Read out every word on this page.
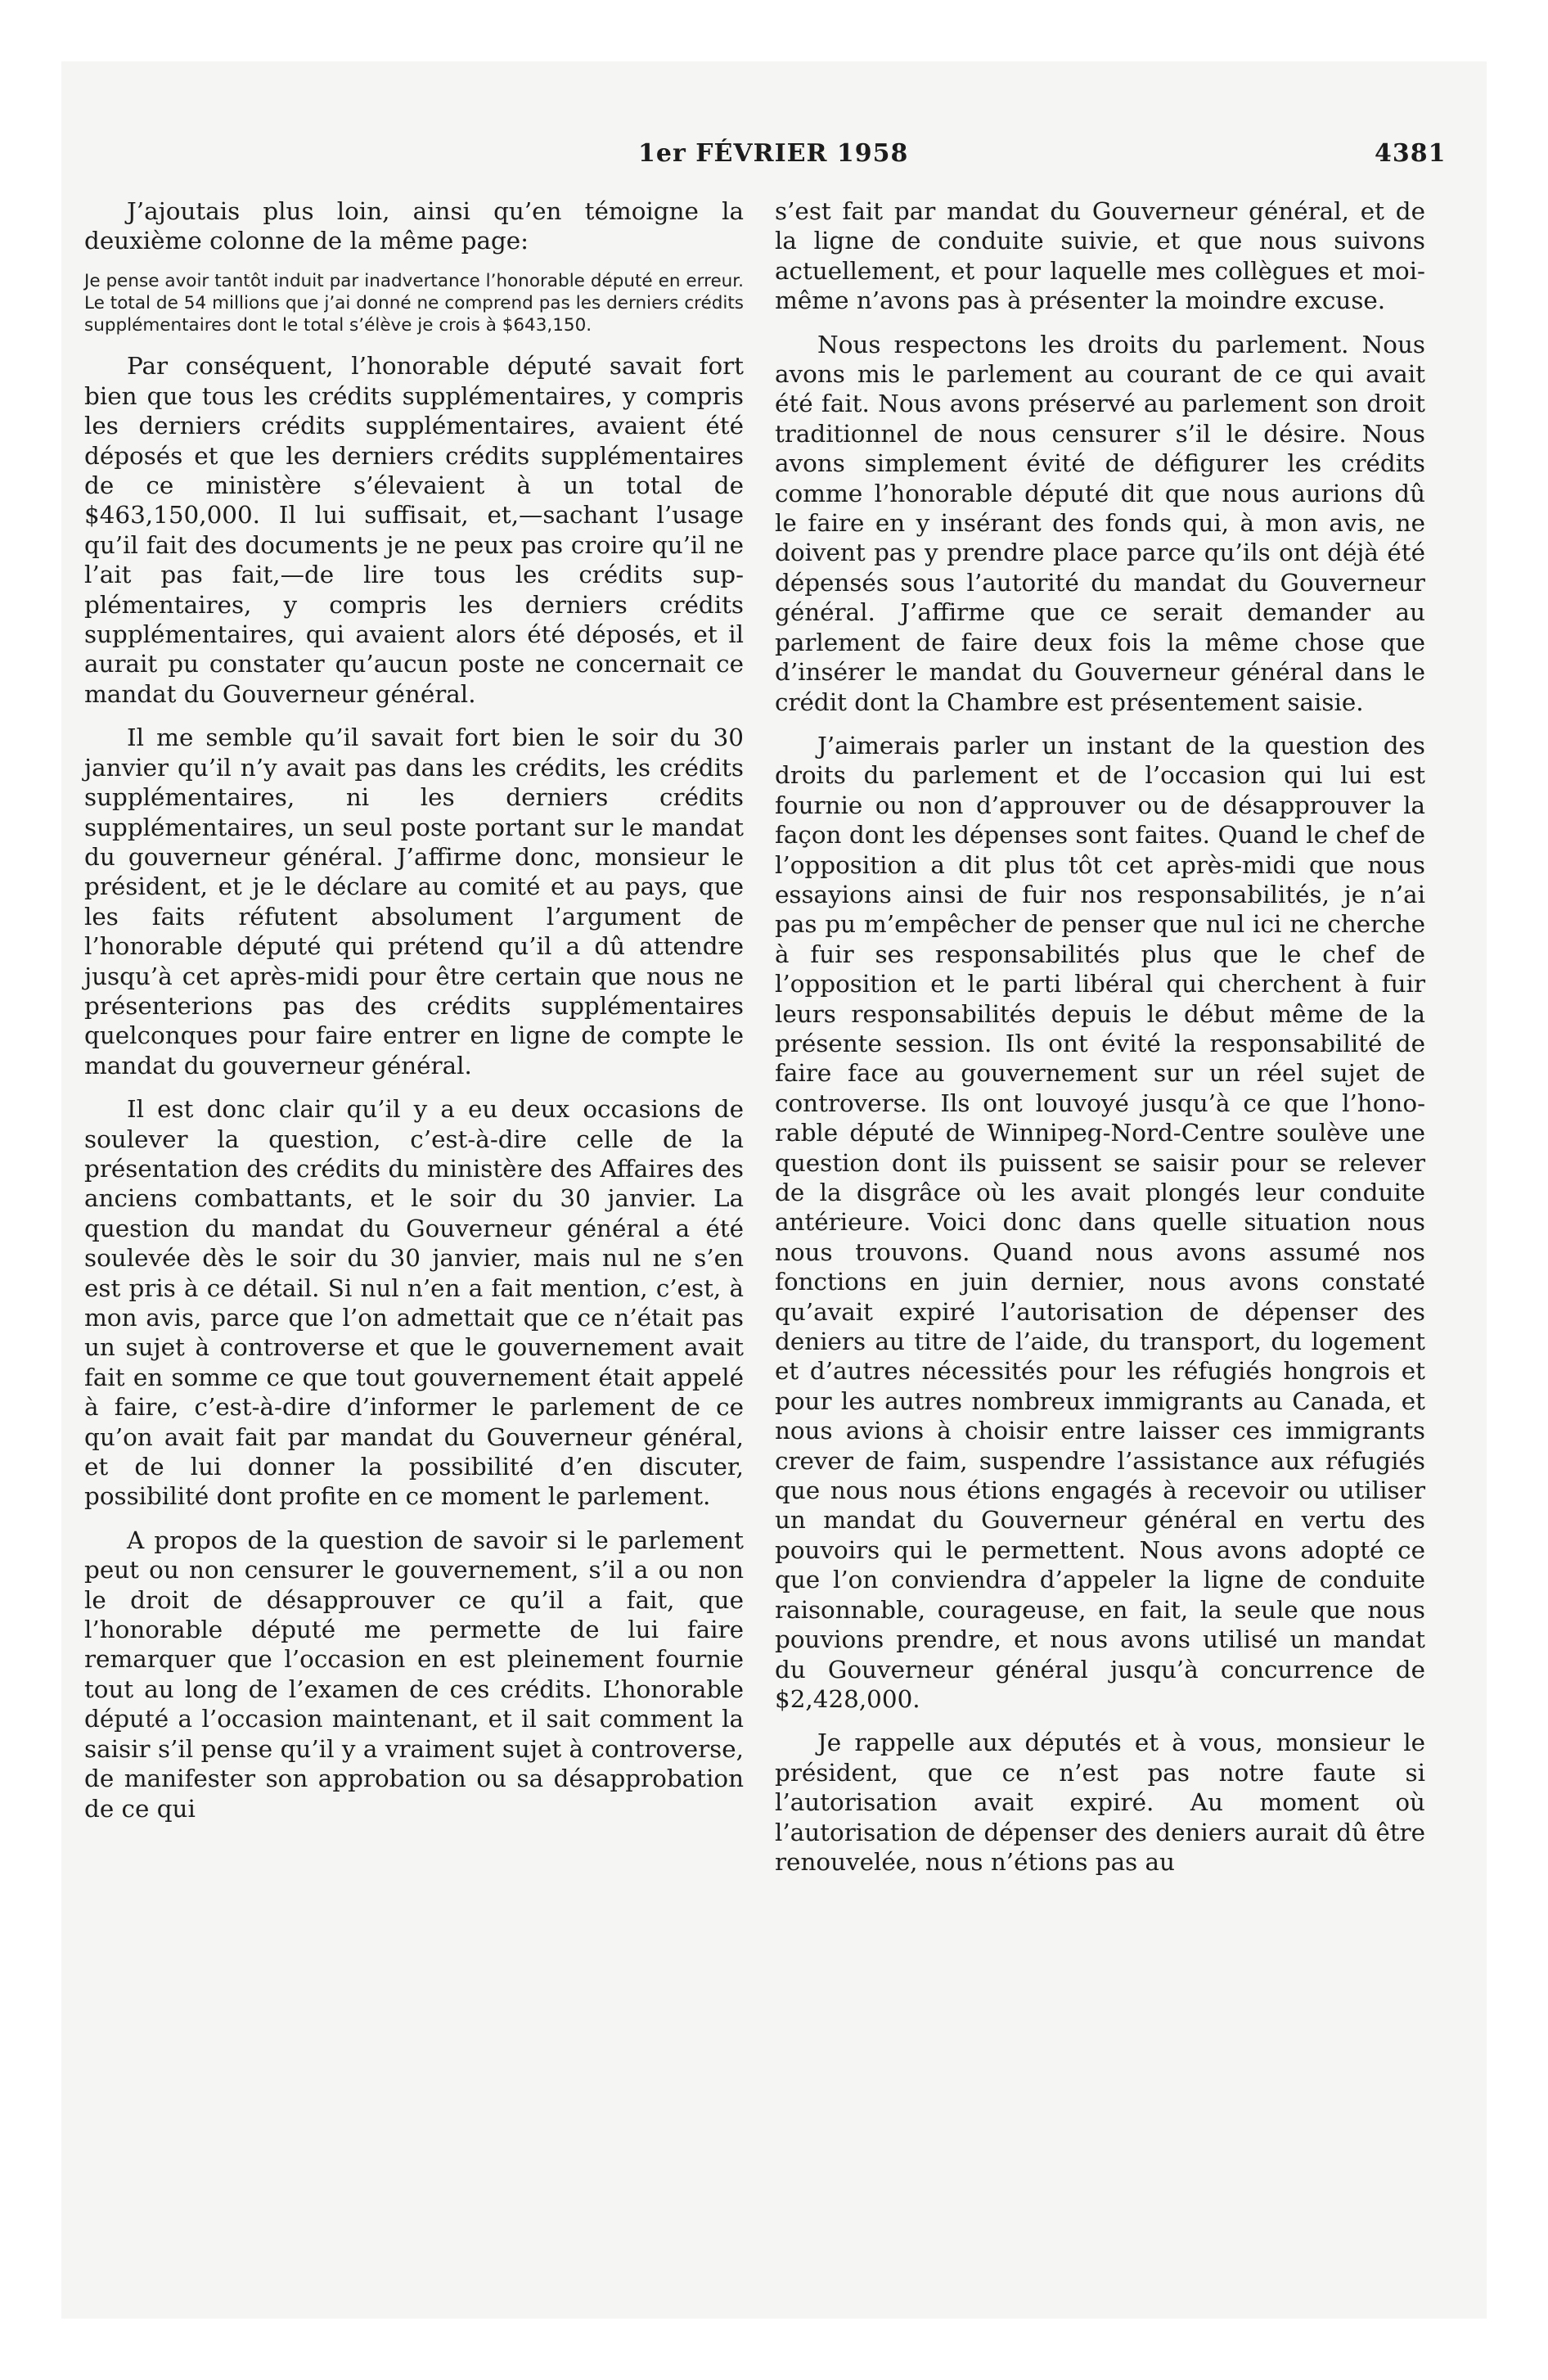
1er FÉVRIER 1958	4381

J’ajoutais plus loin, ainsi qu’en témoigne la deuxième colonne de la même page:

Je pense avoir tantôt induit par inadvertance l’honorable député en erreur. Le total de 54 millions que j’ai donné ne comprend pas les derniers crédits supplémentaires dont le total s’élève je crois à $643,150.

Par conséquent, l’honorable député savait fort bien que tous les crédits supplémentaires, y compris les derniers crédits supplémentaires, avaient été déposés et que les derniers crédits supplémentaires de ce ministère s’élevaient à un total de $463,150,000. Il lui suffisait, et,—sachant l’usage qu’il fait des documents je ne peux pas croire qu’il ne l’ait pas fait,—de lire tous les crédits supplémentaires, y compris les derniers crédits supplémentaires, qui avaient alors été déposés, et il aurait pu constater qu’aucun poste ne concernait ce mandat du Gouverneur général.

Il me semble qu’il savait fort bien le soir du 30 janvier qu’il n’y avait pas dans les crédits, les crédits supplémentaires, ni les derniers crédits supplémentaires, un seul poste portant sur le mandat du gouverneur général. J’affirme donc, monsieur le président, et je le déclare au comité et au pays, que les faits réfutent absolument l’argument de l’honorable député qui prétend qu’il a dû attendre jusqu’à cet après-midi pour être certain que nous ne présenterions pas des crédits supplémentaires quelconques pour faire entrer en ligne de compte le mandat du gouverneur général.

Il est donc clair qu’il y a eu deux occasions de soulever la question, c’est-à-dire celle de la présentation des crédits du ministère des Affaires des anciens combattants, et le soir du 30 janvier. La question du mandat du Gouverneur général a été soulevée dès le soir du 30 janvier, mais nul ne s’en est pris à ce détail. Si nul n’en a fait mention, c’est, à mon avis, parce que l’on admettait que ce n’était pas un sujet à controverse et que le gouvernement avait fait en somme ce que tout gouvernement était appelé à faire, c’est-à-dire d’informer le parlement de ce qu’on avait fait par mandat du Gouverneur général, et de lui donner la possibilité d’en discuter, possibilité dont profite en ce moment le parlement.

A propos de la question de savoir si le parlement peut ou non censurer le gouvernement, s’il a ou non le droit de désapprouver ce qu’il a fait, que l’honorable député me permette de lui faire remarquer que l’occasion en est pleinement fournie tout au long de l’examen de ces crédits. L’honorable député a l’occasion maintenant, et il sait comment la saisir s’il pense qu’il y a vraiment sujet à controverse, de manifester son approbation ou sa désapprobation de ce qui

s’est fait par mandat du Gouverneur général, et de la ligne de conduite suivie, et que nous suivons actuellement, et pour laquelle mes collègues et moi-même n’avons pas à présenter la moindre excuse.

Nous respectons les droits du parlement. Nous avons mis le parlement au courant de ce qui avait été fait. Nous avons préservé au parlement son droit traditionnel de nous censurer s’il le désire. Nous avons simplement évité de défigurer les crédits comme l’honorable député dit que nous aurions dû le faire en y insérant des fonds qui, à mon avis, ne doivent pas y prendre place parce qu’ils ont déjà été dépensés sous l’autorité du mandat du Gouverneur général. J’affirme que ce serait demander au parlement de faire deux fois la même chose que d’insérer le mandat du Gouverneur général dans le crédit dont la Chambre est présentement saisie.

J’aimerais parler un instant de la question des droits du parlement et de l’occasion qui lui est fournie ou non d’approuver ou de désapprouver la façon dont les dépenses sont faites. Quand le chef de l’opposition a dit plus tôt cet après-midi que nous essayions ainsi de fuir nos responsabilités, je n’ai pas pu m’empêcher de penser que nul ici ne cherche à fuir ses responsabilités plus que le chef de l’opposition et le parti libéral qui cherchent à fuir leurs responsabilités depuis le début même de la présente session. Ils ont évité la responsabilité de faire face au gouvernement sur un réel sujet de controverse. Ils ont louvoyé jusqu’à ce que l’honorable député de Winnipeg-Nord-Centre soulève une question dont ils puissent se saisir pour se relever de la disgrâce où les avait plongés leur conduite antérieure. Voici donc dans quelle situation nous nous trouvons. Quand nous avons assumé nos fonctions en juin dernier, nous avons constaté qu’avait expiré l’autorisation de dépenser des deniers au titre de l’aide, du transport, du logement et d’autres nécessités pour les réfugiés hongrois et pour les autres nombreux immigrants au Canada, et nous avions à choisir entre laisser ces immigrants crever de faim, suspendre l’assistance aux réfugiés que nous nous étions engagés à recevoir ou utiliser un mandat du Gouverneur général en vertu des pouvoirs qui le permettent. Nous avons adopté ce que l’on conviendra d’appeler la ligne de conduite raisonnable, courageuse, en fait, la seule que nous pouvions prendre, et nous avons utilisé un mandat du Gouverneur général jusqu’à concurrence de $2,428,000.

Je rappelle aux députés et à vous, monsieur le président, que ce n’est pas notre faute si l’autorisation avait expiré. Au moment où l’autorisation de dépenser des deniers aurait dû être renouvelée, nous n’étions pas au
